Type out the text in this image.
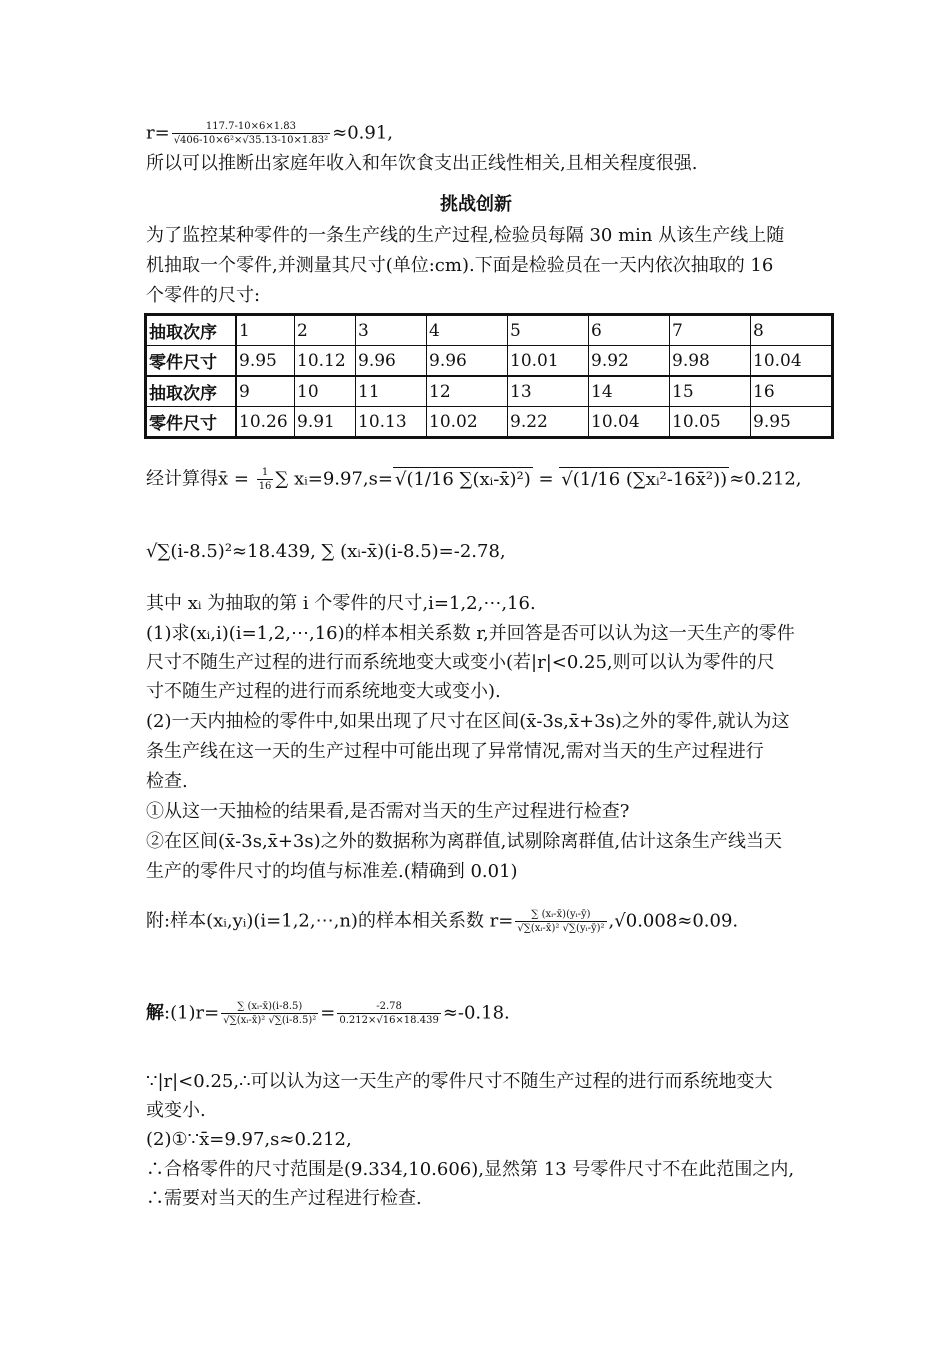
$r= \frac{117.7-10\times 6\times 1.83}{\text{√406-10×6²×√35.13-10×1.83²}} \approx 0.91$,
所以可以推断出家庭年收入和年饮食支出正线性相关,且相关程度很强.
挑战创新
为了监控某种零件的一条生产线的生产过程,检验员每隔 30 min 从该生产线上随
机抽取一个零件,并测量其尺寸(单位:cm).下面是检验员在一天内依次抽取的 16
个零件的尺寸:
抽取次序	1	2	3	4	5	6	7	8
零件尺寸	9.95	10.12	9.96	9.96	10.01	9.92	9.98	10.04
抽取次序	9	10	11	12	13	14	15	16
零件尺寸	10.26	9.91	10.13	10.02	9.22	10.04	10.05	9.95
经计算得x̄ = $\frac{1}{16}$ ∑ xᵢ=9.97,s= √(1/16 ∑(xᵢ-x̄)²) = √(1/16 (∑xᵢ²-16x̄²)) ≈0.212,
√∑(i-8.5)²≈18.439, ∑ (xᵢ-x̄)(i-8.5)=-2.78,
其中 xᵢ 为抽取的第 i 个零件的尺寸,i=1,2,⋯,16.
(1)求(xᵢ,i)(i=1,2,⋯,16)的样本相关系数 r,并回答是否可以认为这一天生产的零件
尺寸不随生产过程的进行而系统地变大或变小(若|r|<0.25,则可以认为零件的尺
寸不随生产过程的进行而系统地变大或变小).
(2)一天内抽检的零件中,如果出现了尺寸在区间(x̄-3s,x̄+3s)之外的零件,就认为这
条生产线在这一天的生产过程中可能出现了异常情况,需对当天的生产过程进行
检查.
①从这一天抽检的结果看,是否需对当天的生产过程进行检查?
②在区间(x̄-3s,x̄+3s)之外的数据称为离群值,试剔除离群值,估计这条生产线当天
生产的零件尺寸的均值与标准差.(精确到 0.01)
附:样本(xᵢ,yᵢ)(i=1,2,⋯,n)的样本相关系数 $r= \frac{\text{∑ (xᵢ-x̄)(yᵢ-ȳ)}}{\text{√∑(xᵢ-x̄)² √∑(yᵢ-ȳ)²}} ,√0.008\approx 0.09$.
解:(1)r= $\frac{\text{∑ (xᵢ-x̄)(i-8.5)}}{\text{√∑(xᵢ-x̄)² √∑(i-8.5)²}} = \frac{-2.78}{0.212\times√16\times 18.439} \approx-0.18$.
∵|r|<0.25,∴可以认为这一天生产的零件尺寸不随生产过程的进行而系统地变大
或变小.
(2)①∵x̄=9.97,s≈0.212,
∴合格零件的尺寸范围是(9.334,10.606),显然第 13 号零件尺寸不在此范围之内,
∴需要对当天的生产过程进行检查.
